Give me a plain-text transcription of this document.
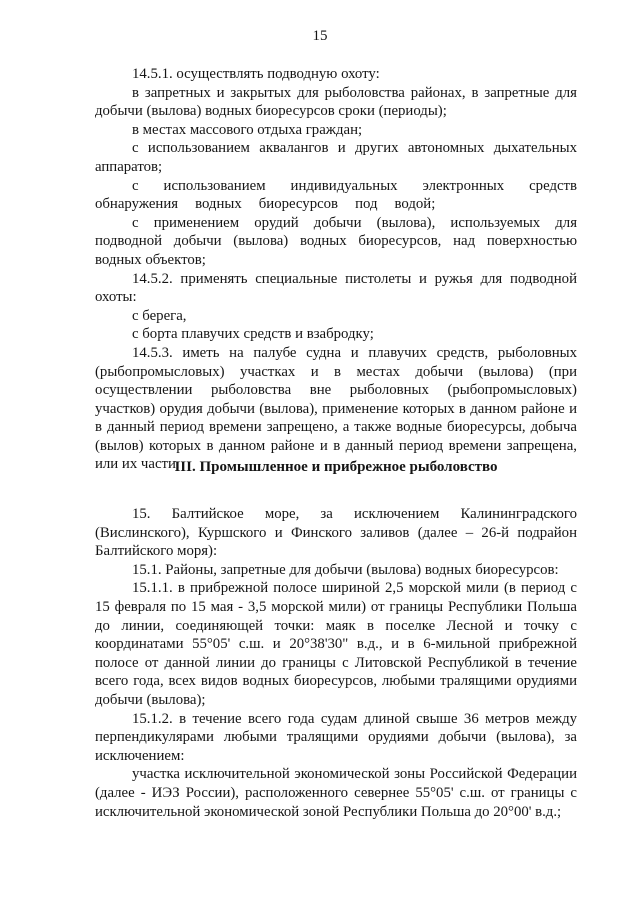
15

14.5.1. осуществлять подводную охоту:

в запретных и закрытых для рыболовства районах, в запретные для добычи (вылова) водных биоресурсов сроки (периоды);

в местах массового отдыха граждан;

с использованием аквалангов и других автономных дыхательных аппаратов;

с использованием индивидуальных электронных средств обнаружения водных биоресурсов под водой;

с применением орудий добычи (вылова), используемых для подводной добычи (вылова) водных биоресурсов, над поверхностью водных объектов;

14.5.2. применять специальные пистолеты и ружья для подводной охоты:

с берега,

с борта плавучих средств и взабродку;

14.5.3. иметь на палубе судна и плавучих средств, рыболовных (рыбопромысловых) участках и в местах добычи (вылова) (при осуществлении рыболовства вне рыболовных (рыбопромысловых) участков) орудия добычи (вылова), применение которых в данном районе и в данный период времени запрещено, а также водные биоресурсы, добыча (вылов) которых в данном районе и в данный период времени запрещена, или их части.

III. Промышленное и прибрежное рыболовство

15. Балтийское море, за исключением Калининградского (Вислинского), Куршского и Финского заливов (далее – 26-й подрайон Балтийского моря):

15.1. Районы, запретные для добычи (вылова) водных биоресурсов:

15.1.1. в прибрежной полосе шириной 2,5 морской мили (в период с 15 февраля по 15 мая - 3,5 морской мили) от границы Республики Польша до линии, соединяющей точки: маяк в поселке Лесной и точку с координатами 55°05' с.ш. и 20°38'30" в.д., и в 6-мильной прибрежной полосе от данной линии до границы с Литовской Республикой в течение всего года, всех видов водных биоресурсов, любыми тралящими орудиями добычи (вылова);

15.1.2. в течение всего года судам длиной свыше 36 метров между перпендикулярами любыми тралящими орудиями добычи (вылова), за исключением:

участка исключительной экономической зоны Российской Федерации (далее - ИЭЗ России), расположенного севернее 55°05' с.ш. от границы с исключительной экономической зоной Республики Польша до 20°00' в.д.;
